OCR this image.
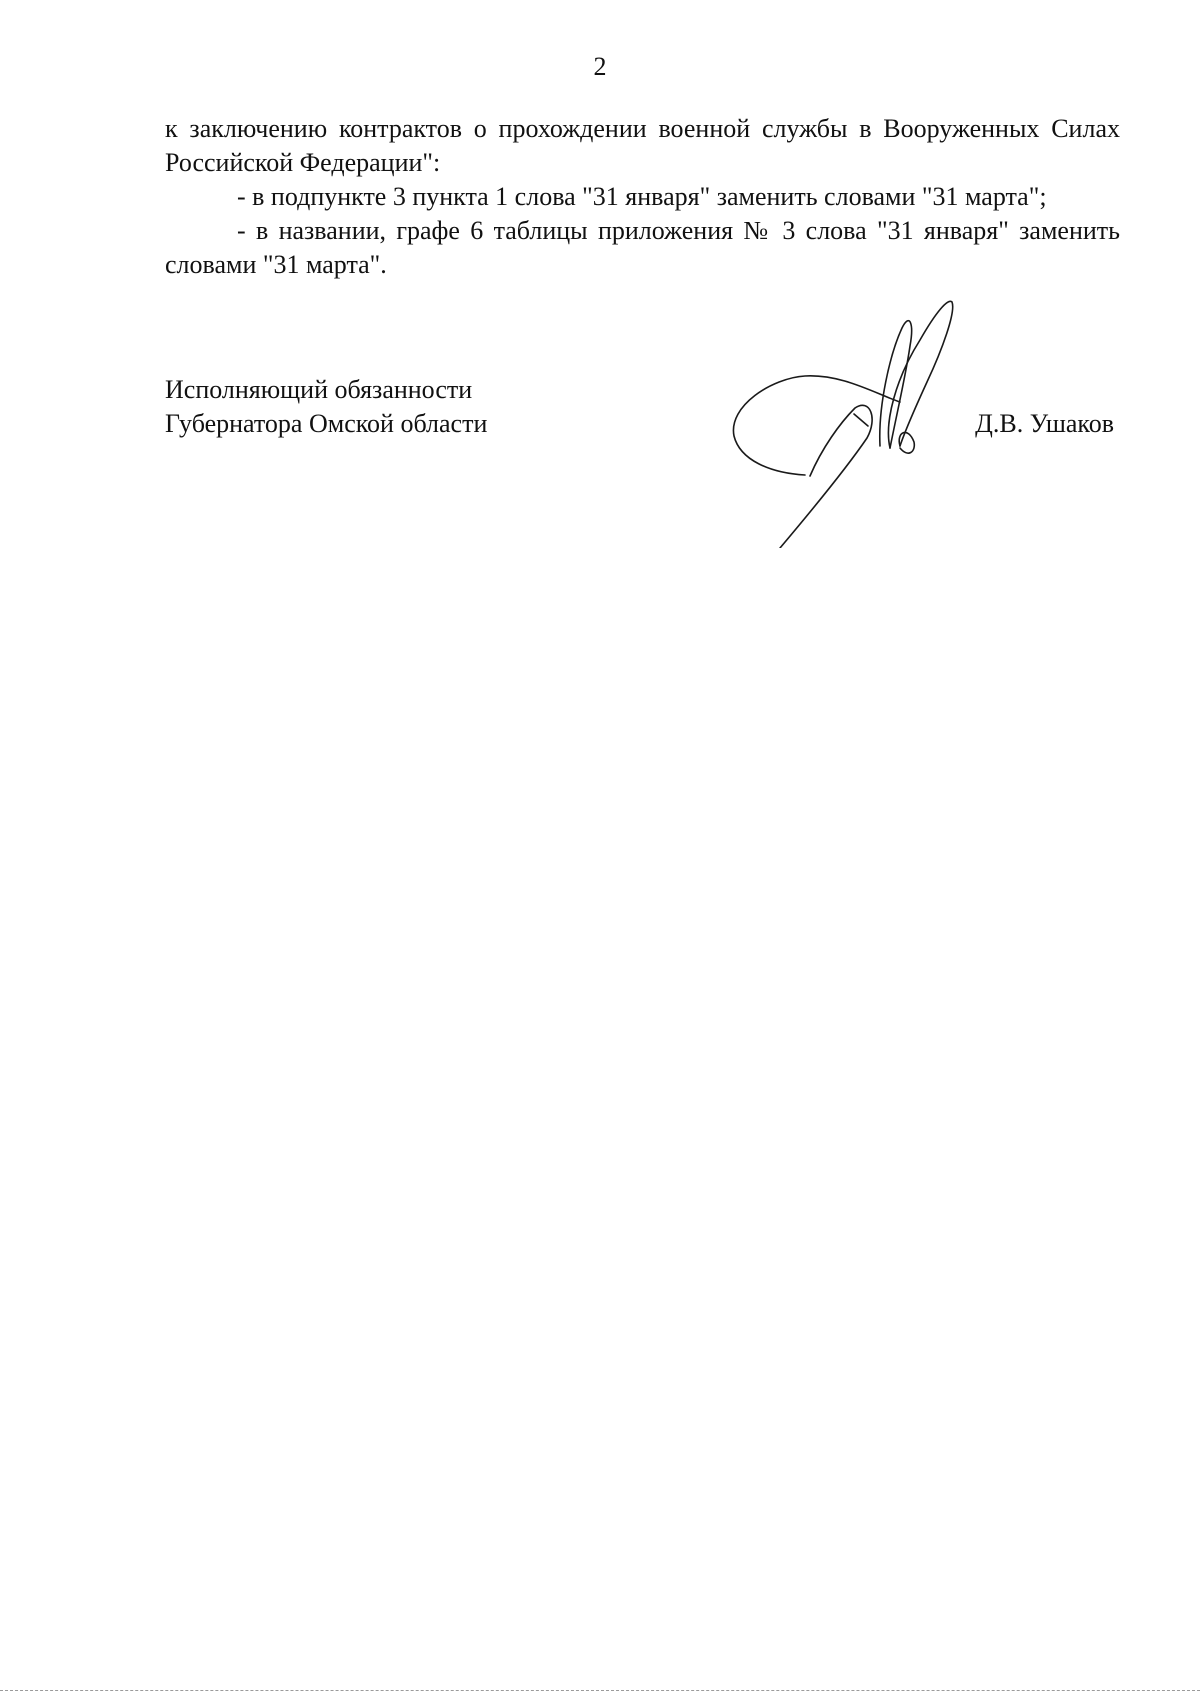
2

к заключению контрактов о прохождении военной службы в Вооруженных Силах Российской Федерации":

- в подпункте 3 пункта 1 слова "31 января" заменить словами "31 марта";

- в названии, графе 6 таблицы приложения № 3 слова "31 января" заменить словами "31 марта".

Исполняющий обязанности
Губернатора Омской области	Д.В. Ушаков
